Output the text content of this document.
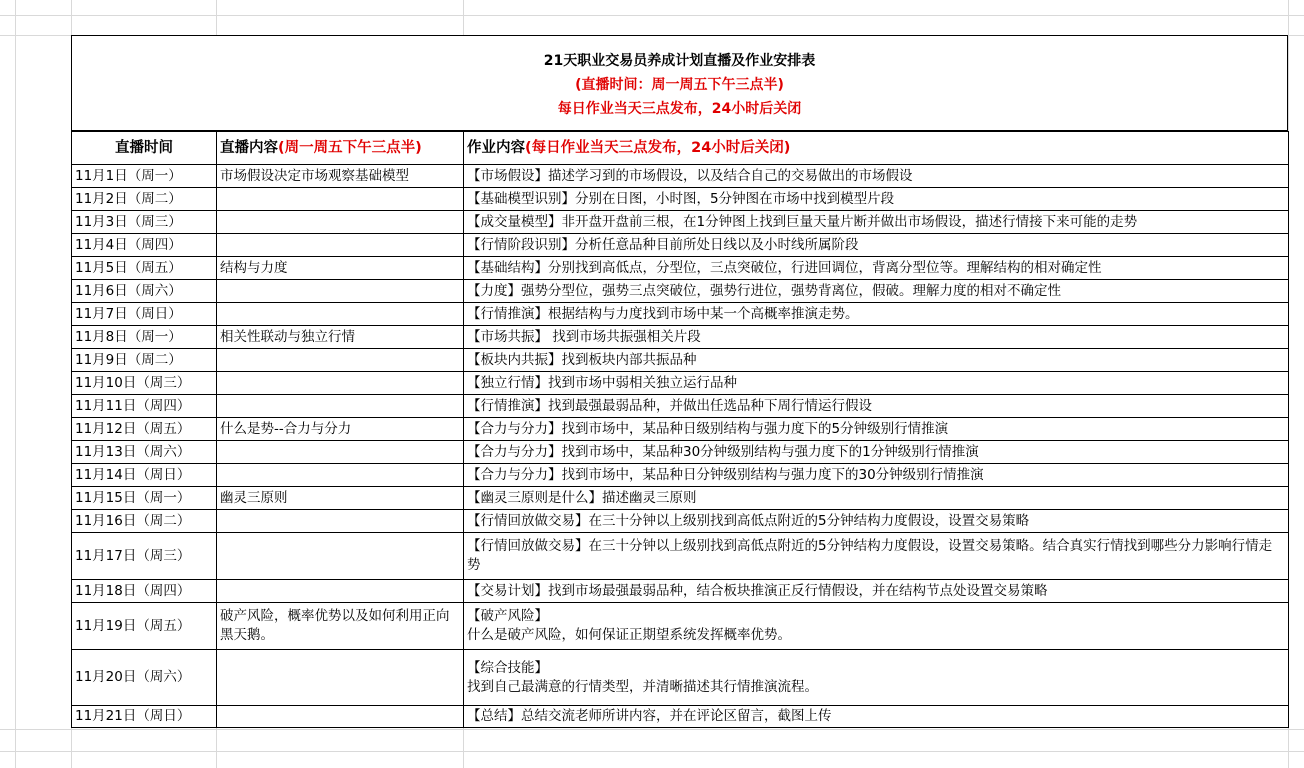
21天职业交易员养成计划直播及作业安排表
(直播时间：周一周五下午三点半)
每日作业当天三点发布，24小时后关闭
直播时间	直播内容(周一周五下午三点半)	作业内容(每日作业当天三点发布，24小时后关闭)
11月1日（周一）	市场假设决定市场观察基础模型	【市场假设】描述学习到的市场假设，以及结合自己的交易做出的市场假设
11月2日（周二）		【基础模型识别】分别在日图，小时图，5分钟图在市场中找到模型片段
11月3日（周三）		【成交量模型】非开盘开盘前三根，在1分钟图上找到巨量天量片断并做出市场假设，描述行情接下来可能的走势
11月4日（周四）		【行情阶段识别】分析任意品种目前所处日线以及小时线所属阶段
11月5日（周五）	结构与力度	【基础结构】分别找到高低点，分型位，三点突破位，行进回调位，背离分型位等。理解结构的相对确定性
11月6日（周六）		【力度】强势分型位，强势三点突破位，强势行进位，强势背离位，假破。理解力度的相对不确定性
11月7日（周日）		【行情推演】根据结构与力度找到市场中某一个高概率推演走势。
11月8日（周一）	相关性联动与独立行情	【市场共振】 找到市场共振强相关片段
11月9日（周二）		【板块内共振】找到板块内部共振品种
11月10日（周三）		【独立行情】找到市场中弱相关独立运行品种
11月11日（周四）		【行情推演】找到最强最弱品种，并做出任选品种下周行情运行假设
11月12日（周五）	什么是势--合力与分力	【合力与分力】找到市场中，某品种日级别结构与强力度下的5分钟级别行情推演
11月13日（周六）		【合力与分力】找到市场中，某品种30分钟级别结构与强力度下的1分钟级别行情推演
11月14日（周日）		【合力与分力】找到市场中，某品种日分钟级别结构与强力度下的30分钟级别行情推演
11月15日（周一）	幽灵三原则	【幽灵三原则是什么】描述幽灵三原则
11月16日（周二）		【行情回放做交易】在三十分钟以上级别找到高低点附近的5分钟结构力度假设，设置交易策略
11月17日（周三）		【行情回放做交易】在三十分钟以上级别找到高低点附近的5分钟结构力度假设，设置交易策略。结合真实行情找到哪些分力影响行情走势
11月18日（周四）		【交易计划】找到市场最强最弱品种，结合板块推演正反行情假设，并在结构节点处设置交易策略
11月19日（周五）	破产风险，概率优势以及如何利用正向黑天鹅。	【破产风险】
什么是破产风险，如何保证正期望系统发挥概率优势。

11月20日（周六）		【综合技能】
找到自己最满意的行情类型，并清晰描述其行情推演流程。

11月21日（周日）		【总结】总结交流老师所讲内容，并在评论区留言，截图上传
